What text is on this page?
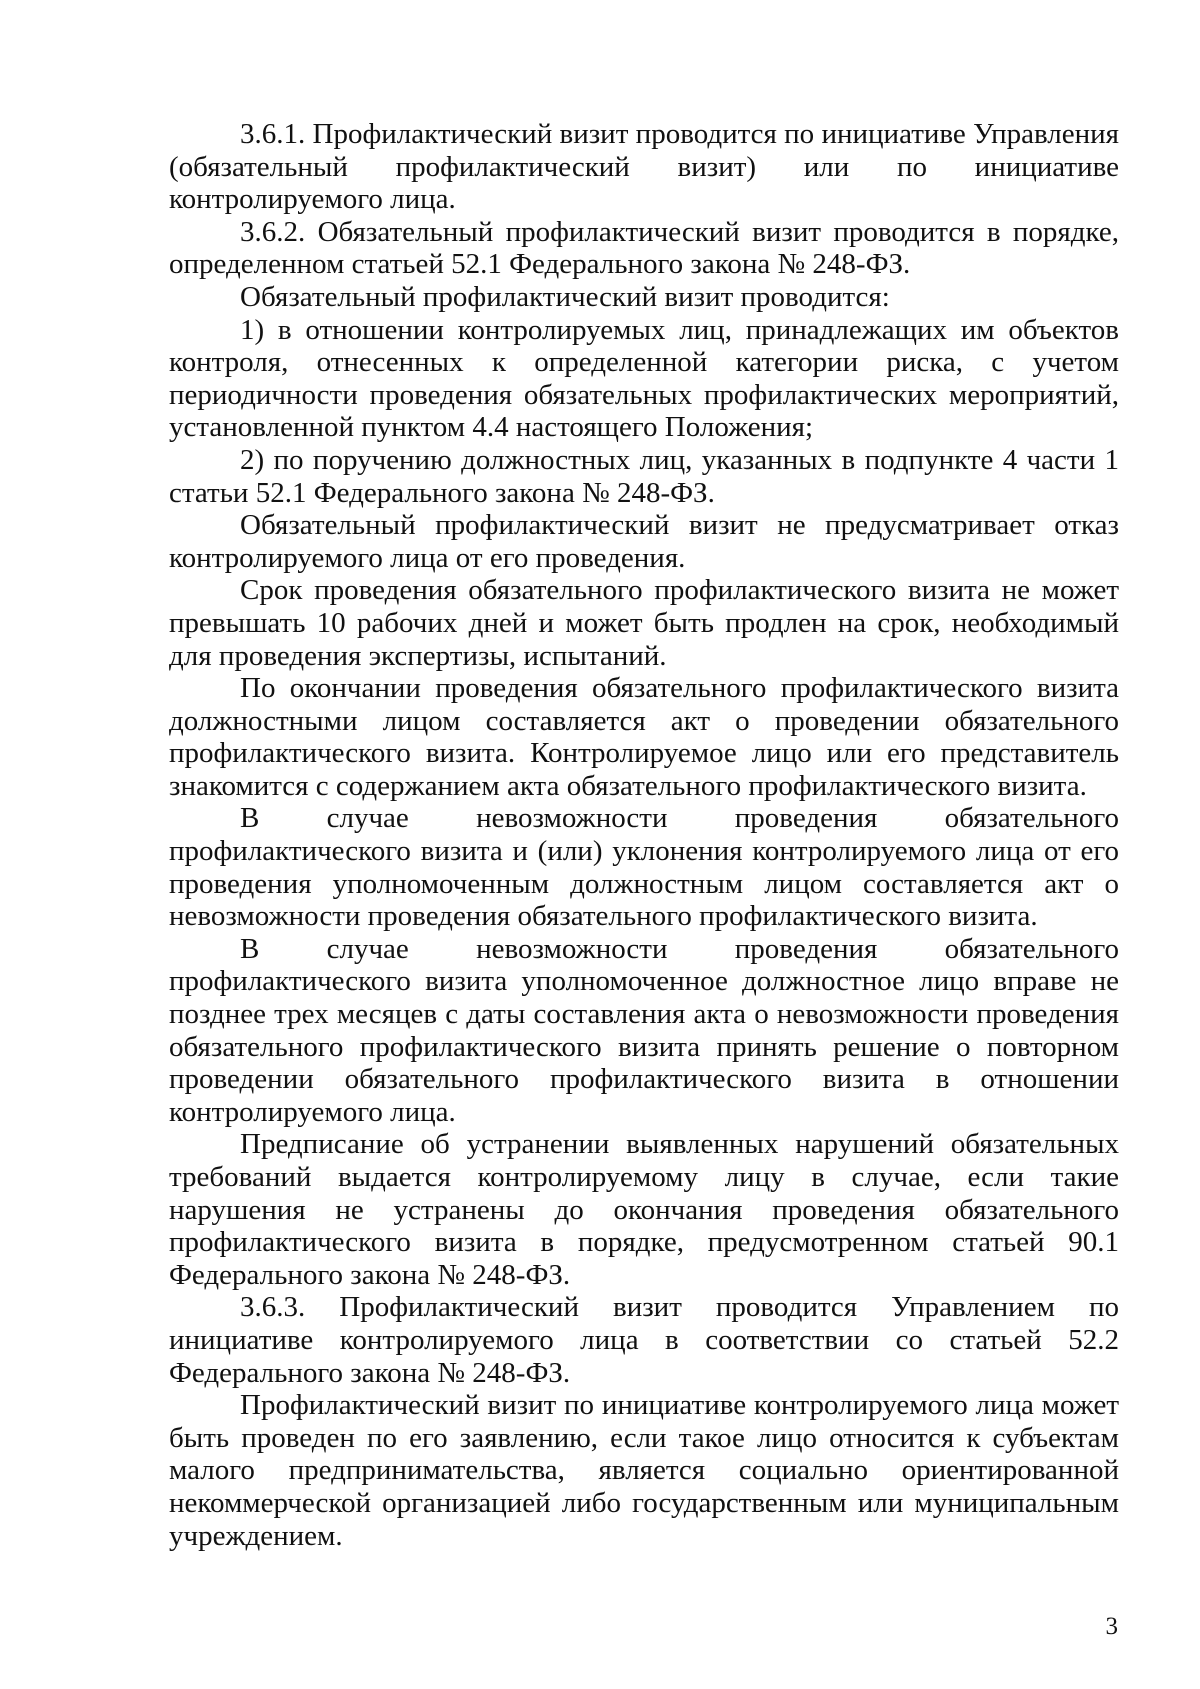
3.6.1. Профилактический визит проводится по инициативе Управления (обязательный профилактический визит) или по инициативе контролируемого лица.

3.6.2. Обязательный профилактический визит проводится в порядке, определенном статьей 52.1 Федерального закона № 248-ФЗ.

Обязательный профилактический визит проводится:

1) в отношении контролируемых лиц, принадлежащих им объектов контроля, отнесенных к определенной категории риска, с учетом периодичности проведения обязательных профилактических мероприятий, установленной пунктом 4.4 настоящего Положения;

2) по поручению должностных лиц, указанных в подпункте 4 части 1 статьи 52.1 Федерального закона № 248-ФЗ.

Обязательный профилактический визит не предусматривает отказ контролируемого лица от его проведения.

Срок проведения обязательного профилактического визита не может превышать 10 рабочих дней и может быть продлен на срок, необходимый для проведения экспертизы, испытаний.

По окончании проведения обязательного профилактического визита должностными лицом составляется акт о проведении обязательного профилактического визита. Контролируемое лицо или его представитель знакомится с содержанием акта обязательного профилактического визита.

В случае невозможности проведения обязательного профилактического визита и (или) уклонения контролируемого лица от его проведения уполномоченным должностным лицом составляется акт о невозможности проведения обязательного профилактического визита.

В случае невозможности проведения обязательного профилактического визита уполномоченное должностное лицо вправе не позднее трех месяцев с даты составления акта о невозможности проведения обязательного профилактического визита принять решение о повторном проведении обязательного профилактического визита в отношении контролируемого лица.

Предписание об устранении выявленных нарушений обязательных требований выдается контролируемому лицу в случае, если такие нарушения не устранены до окончания проведения обязательного профилактического визита в порядке, предусмотренном статьей 90.1 Федерального закона № 248-ФЗ.

3.6.3. Профилактический визит проводится Управлением по инициативе контролируемого лица в соответствии со статьей 52.2 Федерального закона № 248-ФЗ.

Профилактический визит по инициативе контролируемого лица может быть проведен по его заявлению, если такое лицо относится к субъектам малого предпринимательства, является социально ориентированной некоммерческой организацией либо государственным или муниципальным учреждением.

3
